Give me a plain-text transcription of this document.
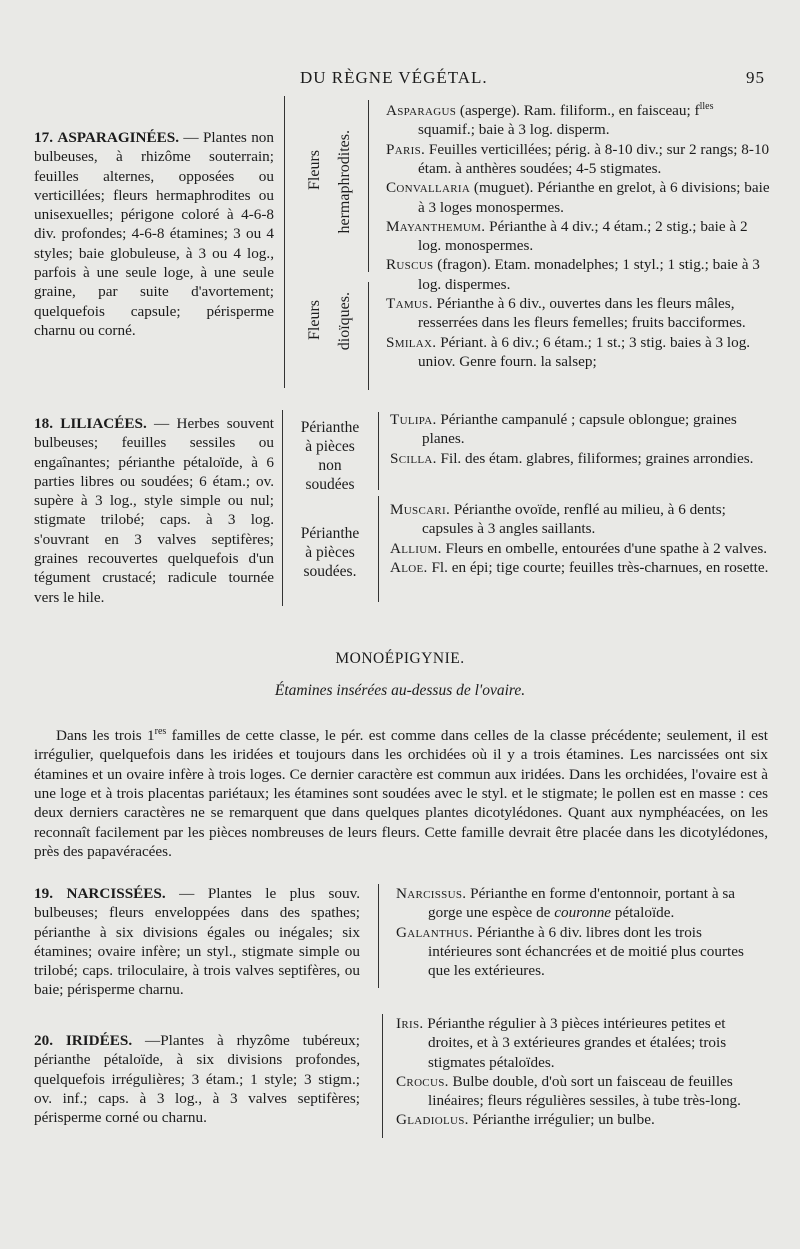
DU RÈGNE VÉGÉTAL.	95
17. ASPARAGINÉES. — Plantes non bulbeuses, à rhizôme souterrain; feuilles alternes, opposées ou verticillées; fleurs hermaphrodites ou unisexuelles; périgone coloré à 4-6-8 div. profondes; 4-6-8 étamines; 3 ou 4 styles; baie globuleuse, à 3 ou 4 log., parfois à une seule loge, à une seule graine, par suite d'avortement; quelquefois capsule; périsperme charnu ou corné.
Fleurs hermaphrodites.
Fleurs dioïques.

Asparagus (asperge). Ram. filiform., en faisceau; $f^{lles}$ squamif.; baie à 3 log. disperm.

Paris. Feuilles verticillées; périg. à 8-10 div.; sur 2 rangs; 8-10 étam. à anthères soudées; 4-5 stigmates.

Convallaria (muguet). Périanthe en grelot, à 6 divisions; baie à 3 loges monospermes.

Mayanthemum. Périanthe à 4 div.; 4 étam.; 2 stig.; baie à 2 log. monospermes.

Ruscus (fragon). Etam. monadelphes; 1 styl.; 1 stig.; baie à 3 log. dispermes.

Tamus. Périanthe à 6 div., ouvertes dans les fleurs mâles, resserrées dans les fleurs femelles; fruits bacciformes.

Smilax. Périant. à 6 div.; 6 étam.; 1 st.; 3 stig. baies à 3 log. uniov. Genre fourn. la salsep;

18. LILIACÉES. — Herbes souvent bulbeuses; feuilles sessiles ou engaînantes; périanthe pétaloïde, à 6 parties libres ou soudées; 6 étam.; ov. supère à 3 log., style simple ou nul; stigmate trilobé; caps. à 3 log. s'ouvrant en 3 valves septifères; graines recouvertes quelquefois d'un tégument crustacé; radicule tournée vers le hile.
Périanthe
à pièces
non
soudées
Périanthe
à pièces
soudées.

Tulipa. Périanthe campanulé ; capsule oblongue; graines planes.

Scilla. Fil. des étam. glabres, filiformes; graines arrondies.

Muscari. Périanthe ovoïde, renflé au milieu, à 6 dents; capsules à 3 angles saillants.

Allium. Fleurs en ombelle, entourées d'une spathe à 2 valves.

Aloe. Fl. en épi; tige courte; feuilles très-charnues, en rosette.

MONOÉPIGYNIE.
Étamines insérées au-dessus de l'ovaire.
Dans les trois 1res familles de cette classe, le pér. est comme dans celles de la classe précédente; seulement, il est irrégulier, quelquefois dans les iridées et toujours dans les orchidées où il y a trois étamines. Les narcissées ont six étamines et un ovaire infère à trois loges. Ce dernier caractère est commun aux iridées. Dans les orchidées, l'ovaire est à une loge et à trois placentas pariétaux; les étamines sont soudées avec le styl. et le stigmate; le pollen est en masse : ces deux derniers caractères ne se remarquent que dans quelques plantes dicotylédones. Quant aux nymphéacées, on les reconnaît facilement par les pièces nombreuses de leurs fleurs. Cette famille devrait être placée dans les dicotylédones, près des papavéracées.
19. NARCISSÉES. — Plantes le plus souv. bulbeuses; fleurs enveloppées dans des spathes; périanthe à six divisions égales ou inégales; six étamines; ovaire infère; un styl., stigmate simple ou trilobé; caps. triloculaire, à trois valves septifères, ou baie; périsperme charnu.

Narcissus. Périanthe en forme d'entonnoir, portant à sa gorge une espèce de couronne pétaloïde.

Galanthus. Périanthe à 6 div. libres dont les trois intérieures sont échancrées et de moitié plus courtes que les extérieures.

20. IRIDÉES. —Plantes à rhyzôme tubéreux; périanthe pétaloïde, à six divisions profondes, quelquefois irrégulières; 3 étam.; 1 style; 3 stigm.; ov. inf.; caps. à 3 log., à 3 valves septifères; périsperme corné ou charnu.

Iris. Périanthe régulier à 3 pièces intérieures petites et droites, et à 3 extérieures grandes et étalées; trois stigmates pétaloïdes.

Crocus. Bulbe double, d'où sort un faisceau de feuilles linéaires; fleurs régulières sessiles, à tube très-long.

Gladiolus. Périanthe irrégulier; un bulbe.
